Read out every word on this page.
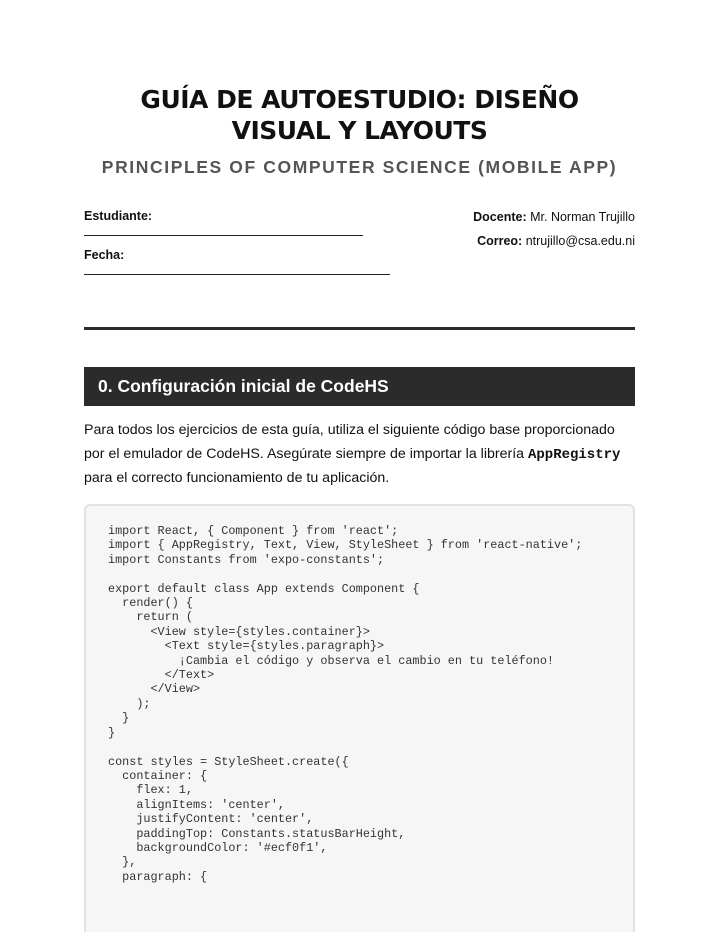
GUÍA DE AUTOESTUDIO: DISEÑO
VISUAL Y LAYOUTS
PRINCIPLES OF COMPUTER SCIENCE (MOBILE APP)
Estudiante:
Fecha:
Docente: Mr. Norman Trujillo
Correo: ntrujillo@csa.edu.ni
0. Configuración inicial de CodeHS

Para todos los ejercicios de esta guía, utiliza el siguiente código base proporcionado por el emulador de CodeHS. Asegúrate siempre de importar la librería AppRegistry para el correcto funcionamiento de tu aplicación.

import React, { Component } from 'react';
import { AppRegistry, Text, View, StyleSheet } from 'react-native';
import Constants from 'expo-constants';

export default class App extends Component {
render() {
return (
<View style={styles.container}>
<Text style={styles.paragraph}>
¡Cambia el código y observa el cambio en tu teléfono!
</Text>
</View>
);
}
}

const styles = StyleSheet.create({
container: {
flex: 1,
alignItems: 'center',
justifyContent: 'center',
paddingTop: Constants.statusBarHeight,
backgroundColor: '#ecf0f1',
},
paragraph: {
